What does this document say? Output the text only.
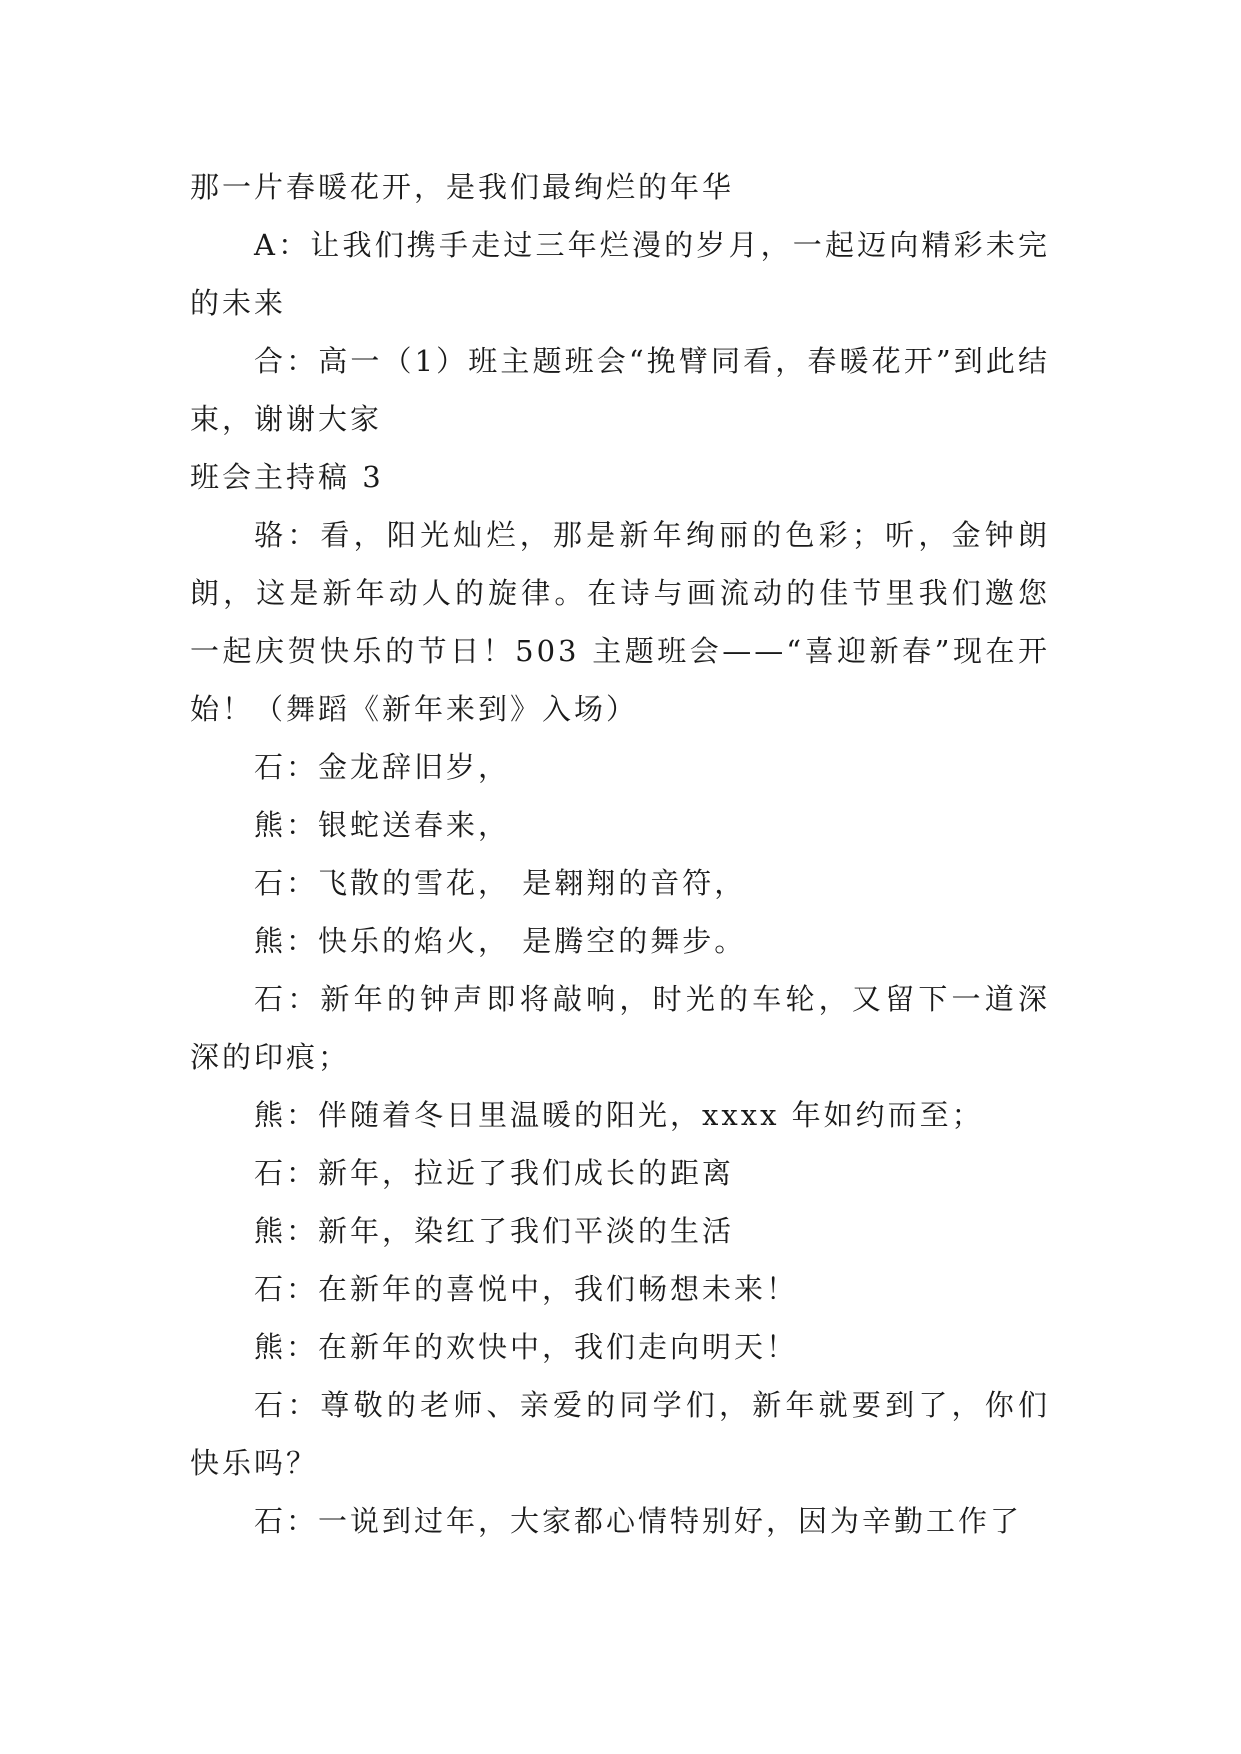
那一片春暖花开，是我们最绚烂的年华

A：让我们携手走过三年烂漫的岁月，一起迈向精彩未完的未来

合：高一（1）班主题班会“挽臂同看，春暖花开”到此结束，谢谢大家

班会主持稿 3

骆：看，阳光灿烂，那是新年绚丽的色彩；听，金钟朗朗，这是新年动人的旋律。在诗与画流动的佳节里我们邀您一起庆贺快乐的节日！503 主题班会——“喜迎新春”现在开始！（舞蹈《新年来到》入场）

石：金龙辞旧岁，

熊：银蛇送春来，

石：飞散的雪花， 是翱翔的音符，

熊：快乐的焰火， 是腾空的舞步。

石：新年的钟声即将敲响，时光的车轮，又留下一道深深的印痕；

熊：伴随着冬日里温暖的阳光，xxxx 年如约而至；

石：新年，拉近了我们成长的距离

熊：新年，染红了我们平淡的生活

石：在新年的喜悦中，我们畅想未来！

熊：在新年的欢快中，我们走向明天！

石：尊敬的老师、亲爱的同学们，新年就要到了，你们快乐吗？

石：一说到过年，大家都心情特别好，因为辛勤工作了
